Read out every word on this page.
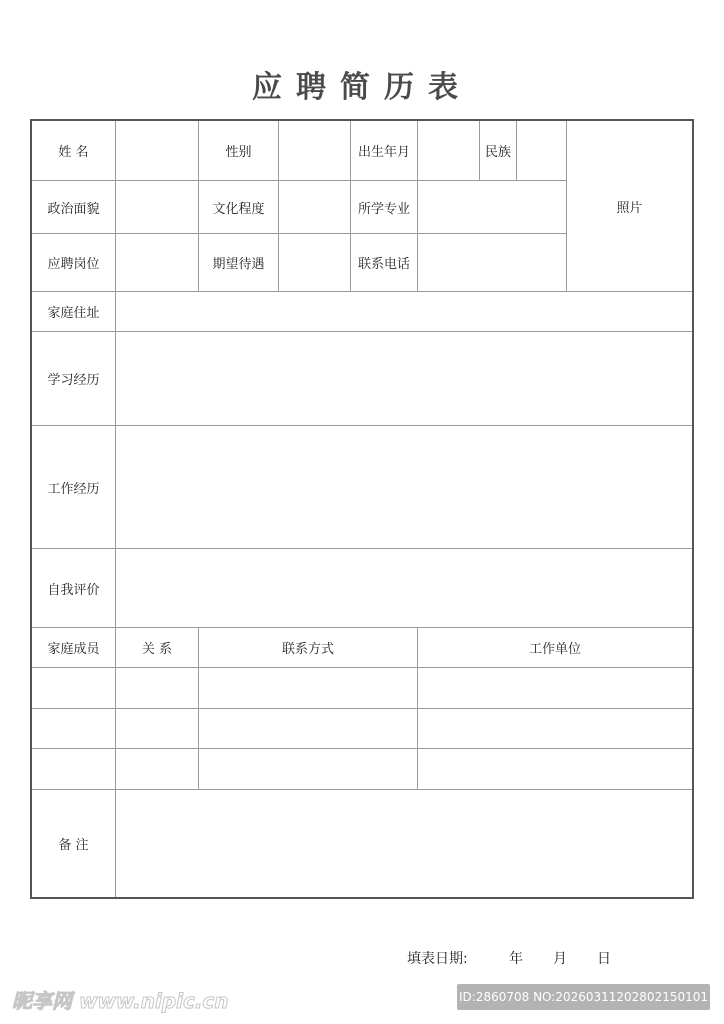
应聘简历表
姓 名	性别	出生年月	民族
照片
政治面貌	文化程度	所学专业
应聘岗位	期望待遇	联系电话
家庭住址
学习经历
工作经历
自我评价
家庭成员	关 系	联系方式	工作单位
备 注
填表日期:	年 月 日
昵享网 www.nipic.cn	ID:2860708 NO:20260311202802150101
